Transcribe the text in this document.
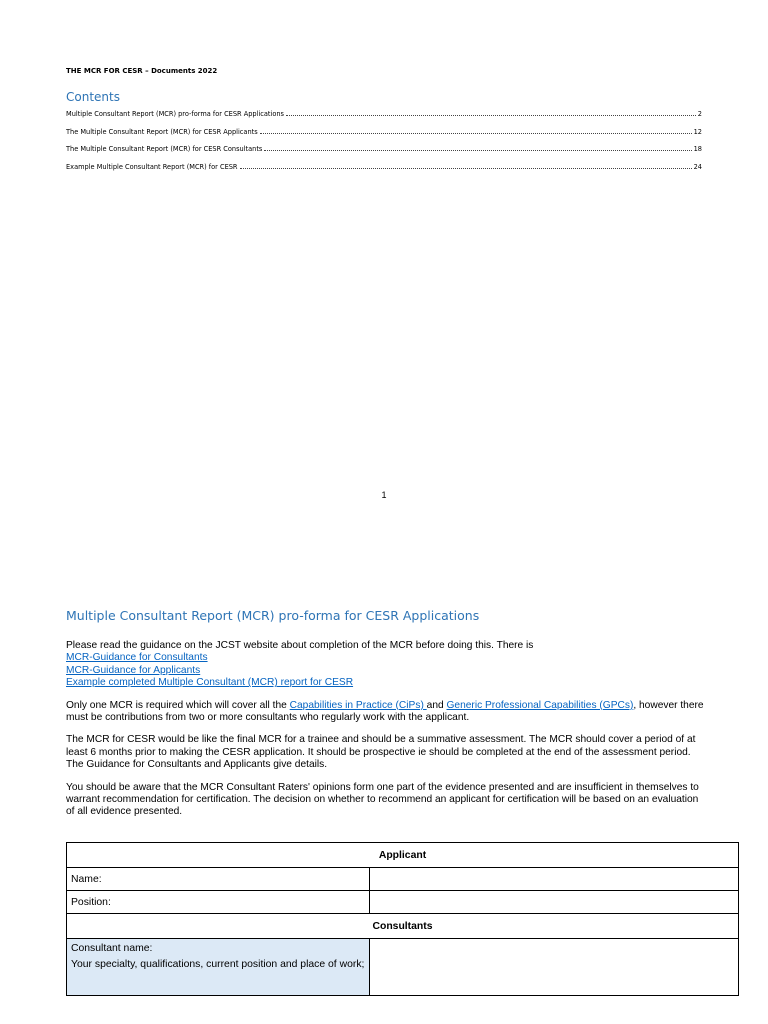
THE MCR FOR CESR – Documents 2022
Contents
Multiple Consultant Report (MCR) pro-forma for CESR Applications	2
The Multiple Consultant Report (MCR) for CESR Applicants	12
The Multiple Consultant Report (MCR) for CESR Consultants	18
Example Multiple Consultant Report (MCR) for CESR	24
1
Multiple Consultant Report (MCR) pro-forma for CESR Applications
Please read the guidance on the JCST website about completion of the MCR before doing this. There is
MCR-Guidance for Consultants
MCR-Guidance for Applicants
Example completed Multiple Consultant (MCR) report for CESR

Only one MCR is required which will cover all the Capabilities in Practice (CiPs) and Generic Professional Capabilities (GPCs), however there must be contributions from two or more consultants who regularly work with the applicant.

The MCR for CESR would be like the final MCR for a trainee and should be a summative assessment. The MCR should cover a period of at least 6 months prior to making the CESR application. It should be prospective ie should be completed at the end of the assessment period. The Guidance for Consultants and Applicants give details.

You should be aware that the MCR Consultant Raters' opinions form one part of the evidence presented and are insufficient in themselves to warrant recommendation for certification. The decision on whether to recommend an applicant for certification will be based on an evaluation of all evidence presented.

Applicant	
Name:	
Position:	
Consultants	

Consultant name:
Your specialty, qualifications, current position and place of work;	
